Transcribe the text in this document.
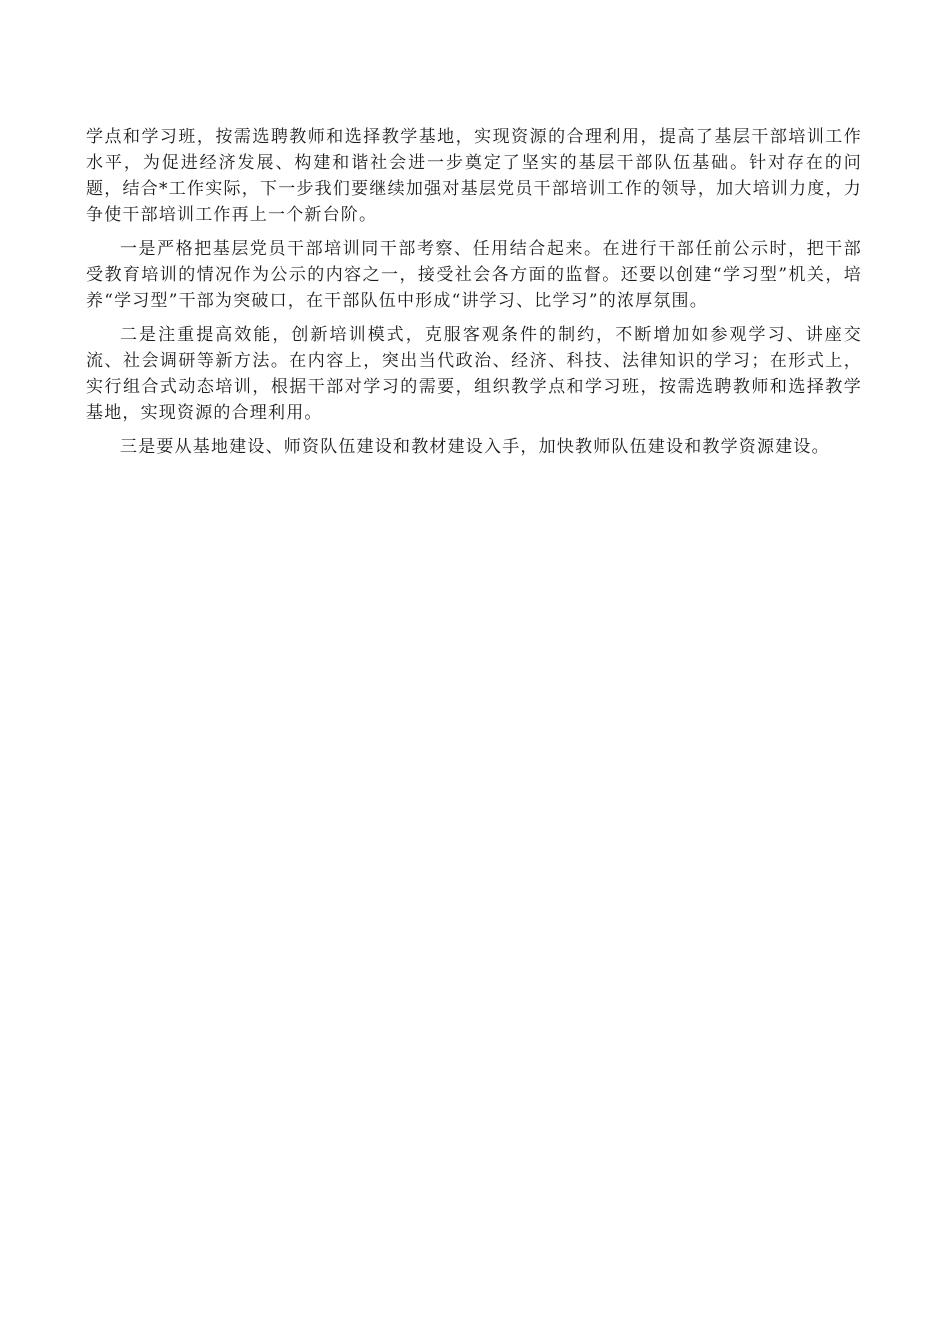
学点和学习班，按需选聘教师和选择教学基地，实现资源的合理利用，提高了基层干部培训工作水平，为促进经济发展、构建和谐社会进一步奠定了坚实的基层干部队伍基础。针对存在的问题，结合*工作实际，下一步我们要继续加强对基层党员干部培训工作的领导，加大培训力度，力争使干部培训工作再上一个新台阶。

一是严格把基层党员干部培训同干部考察、任用结合起来。在进行干部任前公示时，把干部受教育培训的情况作为公示的内容之一，接受社会各方面的监督。还要以创建“学习型”机关，培养“学习型”干部为突破口，在干部队伍中形成“讲学习、比学习”的浓厚氛围。

二是注重提高效能，创新培训模式，克服客观条件的制约，不断增加如参观学习、讲座交流、社会调研等新方法。在内容上，突出当代政治、经济、科技、法律知识的学习；在形式上，实行组合式动态培训，根据干部对学习的需要，组织教学点和学习班，按需选聘教师和选择教学基地，实现资源的合理利用。

三是要从基地建设、师资队伍建设和教材建设入手，加快教师队伍建设和教学资源建设。
